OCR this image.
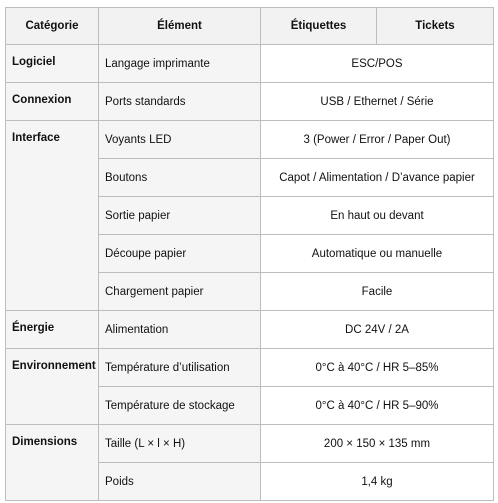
Catégorie	Élément	Étiquettes	Tickets

Logiciel	Langage imprimante	ESC/POS	

Connexion	Ports standards	USB / Ethernet / Série	

Interface	Voyants LED	3 (Power / Error / Paper Out)	
	Boutons	Capot / Alimentation / D’avance papier	
	Sortie papier	En haut ou devant	
	Découpe papier	Automatique ou manuelle	
	Chargement papier	Facile	

Énergie	Alimentation	DC 24V / 2A	

Environnement	Température d’utilisation	0°C à 40°C / HR 5–85%	
	Température de stockage	0°C à 40°C / HR 5–90%	

Dimensions	Taille (L × l × H)	200 × 150 × 135 mm	
	Poids	1,4 kg	
